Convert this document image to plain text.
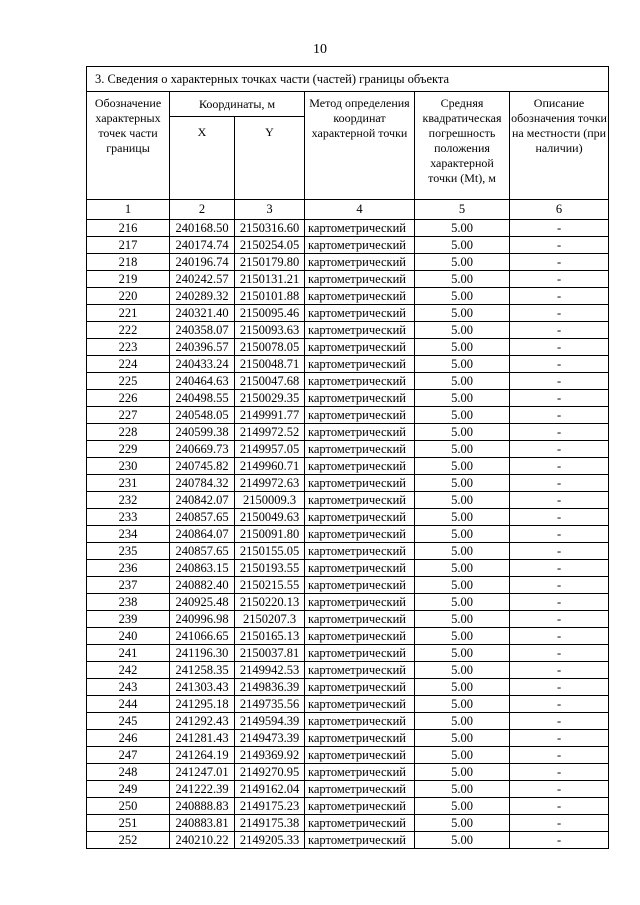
10
3. Сведения о характерных точках части (частей) границы объекта					
Обозначение характерных точек части границы	Координаты, м		Метод определения координат характерной точки	Средняя квадратическая погрешность положения характерной точки (Mt), м	Описание обозначения точки на местности (при наличии)
	X	Y			
1	2	3	4	5	6
216	240168.50	2150316.60	картометрический	5.00	-
217	240174.74	2150254.05	картометрический	5.00	-
218	240196.74	2150179.80	картометрический	5.00	-
219	240242.57	2150131.21	картометрический	5.00	-
220	240289.32	2150101.88	картометрический	5.00	-
221	240321.40	2150095.46	картометрический	5.00	-
222	240358.07	2150093.63	картометрический	5.00	-
223	240396.57	2150078.05	картометрический	5.00	-
224	240433.24	2150048.71	картометрический	5.00	-
225	240464.63	2150047.68	картометрический	5.00	-
226	240498.55	2150029.35	картометрический	5.00	-
227	240548.05	2149991.77	картометрический	5.00	-
228	240599.38	2149972.52	картометрический	5.00	-
229	240669.73	2149957.05	картометрический	5.00	-
230	240745.82	2149960.71	картометрический	5.00	-
231	240784.32	2149972.63	картометрический	5.00	-
232	240842.07	2150009.3	картометрический	5.00	-
233	240857.65	2150049.63	картометрический	5.00	-
234	240864.07	2150091.80	картометрический	5.00	-
235	240857.65	2150155.05	картометрический	5.00	-
236	240863.15	2150193.55	картометрический	5.00	-
237	240882.40	2150215.55	картометрический	5.00	-
238	240925.48	2150220.13	картометрический	5.00	-
239	240996.98	2150207.3	картометрический	5.00	-
240	241066.65	2150165.13	картометрический	5.00	-
241	241196.30	2150037.81	картометрический	5.00	-
242	241258.35	2149942.53	картометрический	5.00	-
243	241303.43	2149836.39	картометрический	5.00	-
244	241295.18	2149735.56	картометрический	5.00	-
245	241292.43	2149594.39	картометрический	5.00	-
246	241281.43	2149473.39	картометрический	5.00	-
247	241264.19	2149369.92	картометрический	5.00	-
248	241247.01	2149270.95	картометрический	5.00	-
249	241222.39	2149162.04	картометрический	5.00	-
250	240888.83	2149175.23	картометрический	5.00	-
251	240883.81	2149175.38	картометрический	5.00	-
252	240210.22	2149205.33	картометрический	5.00	-
